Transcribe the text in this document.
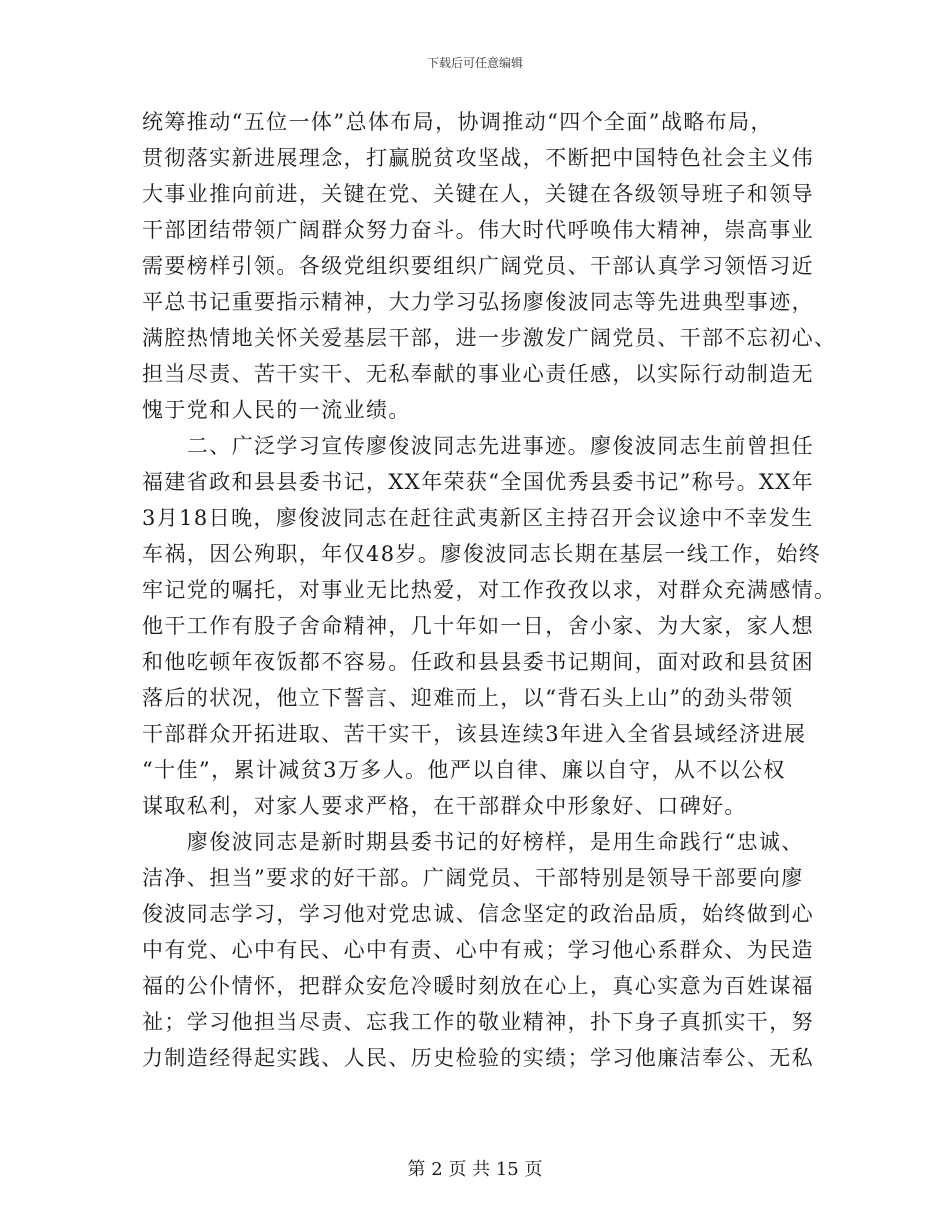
下载后可任意编辑
统筹推动“五位一体”总体布局，协调推动“四个全面”战略布局，
贯彻落实新进展理念，打赢脱贫攻坚战，不断把中国特色社会主义伟
大事业推向前进，关键在党、关键在人，关键在各级领导班子和领导
干部团结带领广阔群众努力奋斗。伟大时代呼唤伟大精神，崇高事业
需要榜样引领。各级党组织要组织广阔党员、干部认真学习领悟习近
平总书记重要指示精神，大力学习弘扬廖俊波同志等先进典型事迹，
满腔热情地关怀关爱基层干部，进一步激发广阔党员、干部不忘初心、
担当尽责、苦干实干、无私奉献的事业心责任感，以实际行动制造无
愧于党和人民的一流业绩。
　　二、广泛学习宣传廖俊波同志先进事迹。廖俊波同志生前曾担任
福建省政和县县委书记，XX年荣获“全国优秀县委书记”称号。XX年
3月18日晚，廖俊波同志在赶往武夷新区主持召开会议途中不幸发生
车祸，因公殉职，年仅48岁。廖俊波同志长期在基层一线工作，始终
牢记党的嘱托，对事业无比热爱，对工作孜孜以求，对群众充满感情。
他干工作有股子舍命精神，几十年如一日，舍小家、为大家，家人想
和他吃顿年夜饭都不容易。任政和县县委书记期间，面对政和县贫困
落后的状况，他立下誓言、迎难而上，以“背石头上山”的劲头带领
干部群众开拓进取、苦干实干，该县连续3年进入全省县域经济进展
“十佳”，累计减贫3万多人。他严以自律、廉以自守，从不以公权
谋取私利，对家人要求严格，在干部群众中形象好、口碑好。
　　廖俊波同志是新时期县委书记的好榜样，是用生命践行“忠诚、
洁净、担当”要求的好干部。广阔党员、干部特别是领导干部要向廖
俊波同志学习，学习他对党忠诚、信念坚定的政治品质，始终做到心
中有党、心中有民、心中有责、心中有戒；学习他心系群众、为民造
福的公仆情怀，把群众安危冷暖时刻放在心上，真心实意为百姓谋福
祉；学习他担当尽责、忘我工作的敬业精神，扑下身子真抓实干，努
力制造经得起实践、人民、历史检验的实绩；学习他廉洁奉公、无私
第 2 页 共 15 页
